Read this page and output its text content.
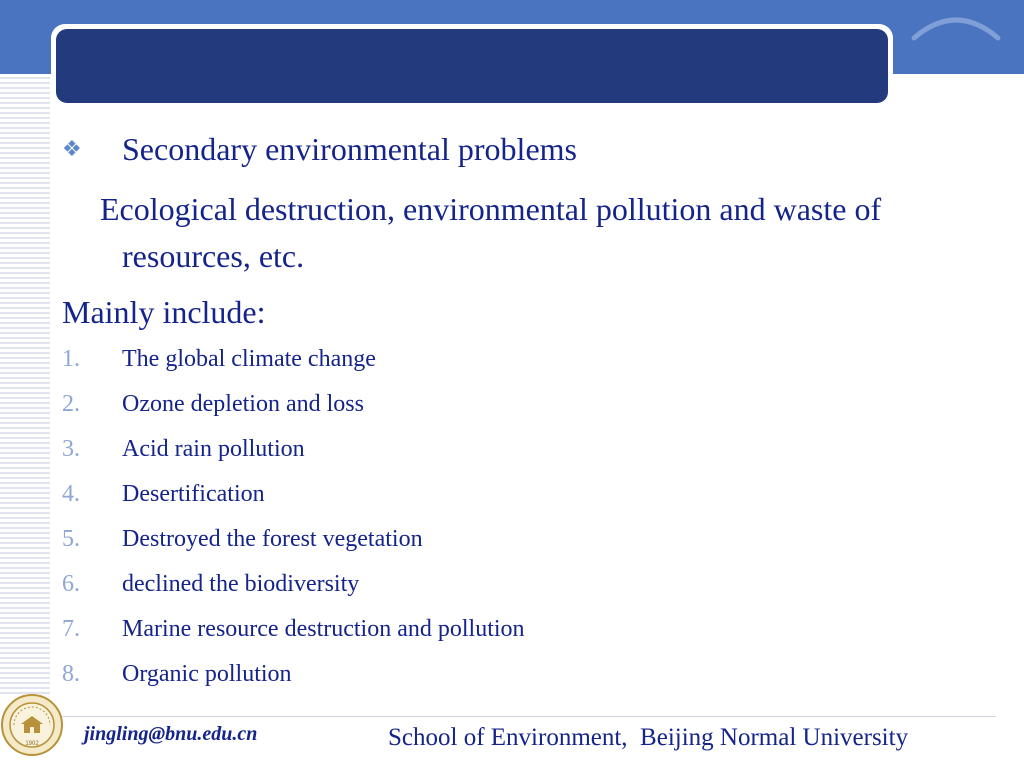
❖ Secondary environmental problems
Ecological destruction, environmental pollution and waste of resources, etc.
Mainly include:
1. The global climate change
2. Ozone depletion and loss
3. Acid rain pollution
4. Desertification
5. Destroyed the forest vegetation
6. declined the biodiversity
7. Marine resource destruction and pollution
8. Organic pollution
1902 jingling@bnu.edu.cn	School of Environment,  Beijing Normal University
